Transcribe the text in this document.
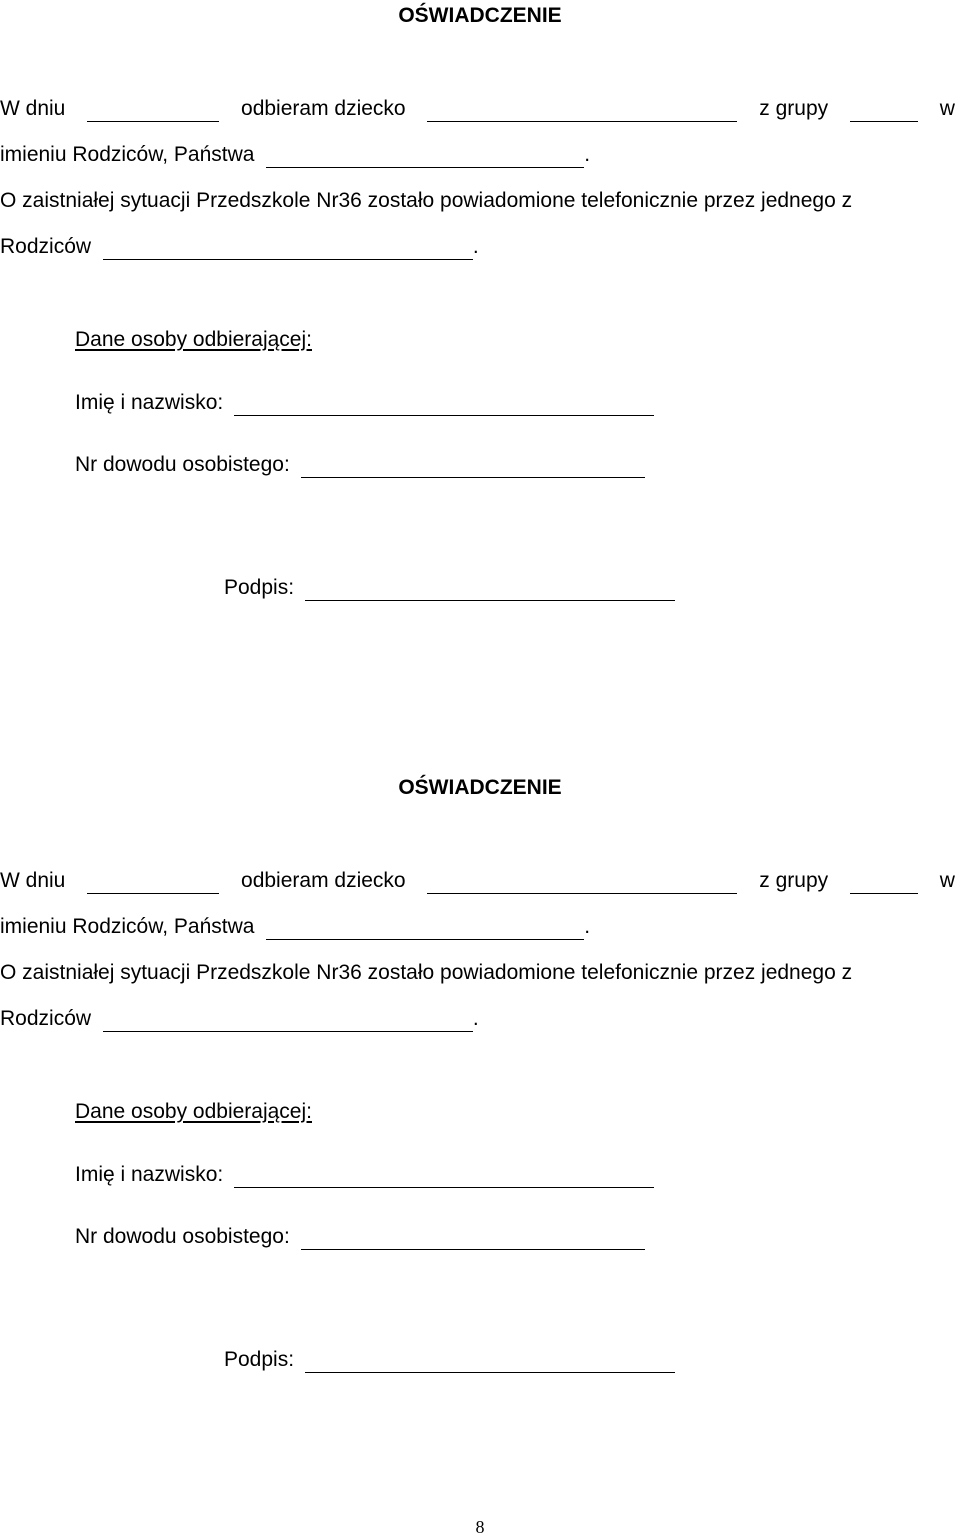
OŚWIADCZENIE
W dniu	odbieram dziecko	z grupy	w
imieniu Rodziców, Państwa	.
O zaistniałej sytuacji Przedszkole Nr36 zostało powiadomione telefonicznie przez jednego z
Rodziców	.
Dane osoby odbierającej:
Imię i nazwisko:
Nr dowodu osobistego:
Podpis:
OŚWIADCZENIE
W dniu	odbieram dziecko	z grupy	w
imieniu Rodziców, Państwa	.
O zaistniałej sytuacji Przedszkole Nr36 zostało powiadomione telefonicznie przez jednego z
Rodziców	.
Dane osoby odbierającej:
Imię i nazwisko:
Nr dowodu osobistego:
Podpis:
8
